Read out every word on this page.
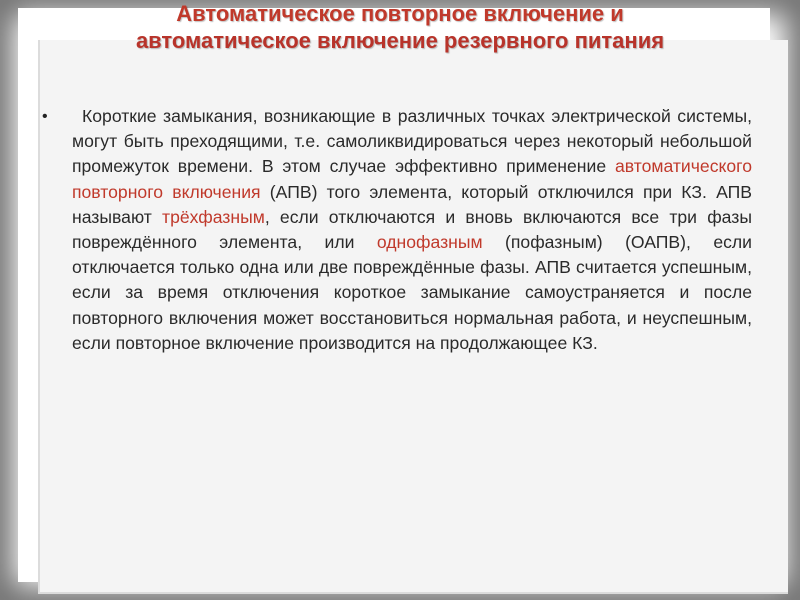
Автоматическое повторное включение и
автоматическое включение резервного питания
•	Короткие замыкания, возникающие в различных точках электрической системы, могут быть преходящими, т.е. самоликвидироваться через некоторый небольшой промежуток времени. В этом случае эффективно применение автоматического повторного включения (АПВ) того элемента, который отключился при КЗ. АПВ называют трёхфазным, если отключаются и вновь включаются все три фазы повреждённого элемента, или однофазным (пофазным) (ОАПВ), если отключается только одна или две повреждённые фазы. АПВ считается успешным, если за время отключения короткое замыкание самоустраняется и после повторного включения может восстановиться нормальная работа, и неуспешным, если повторное включение производится на продолжающее КЗ.
